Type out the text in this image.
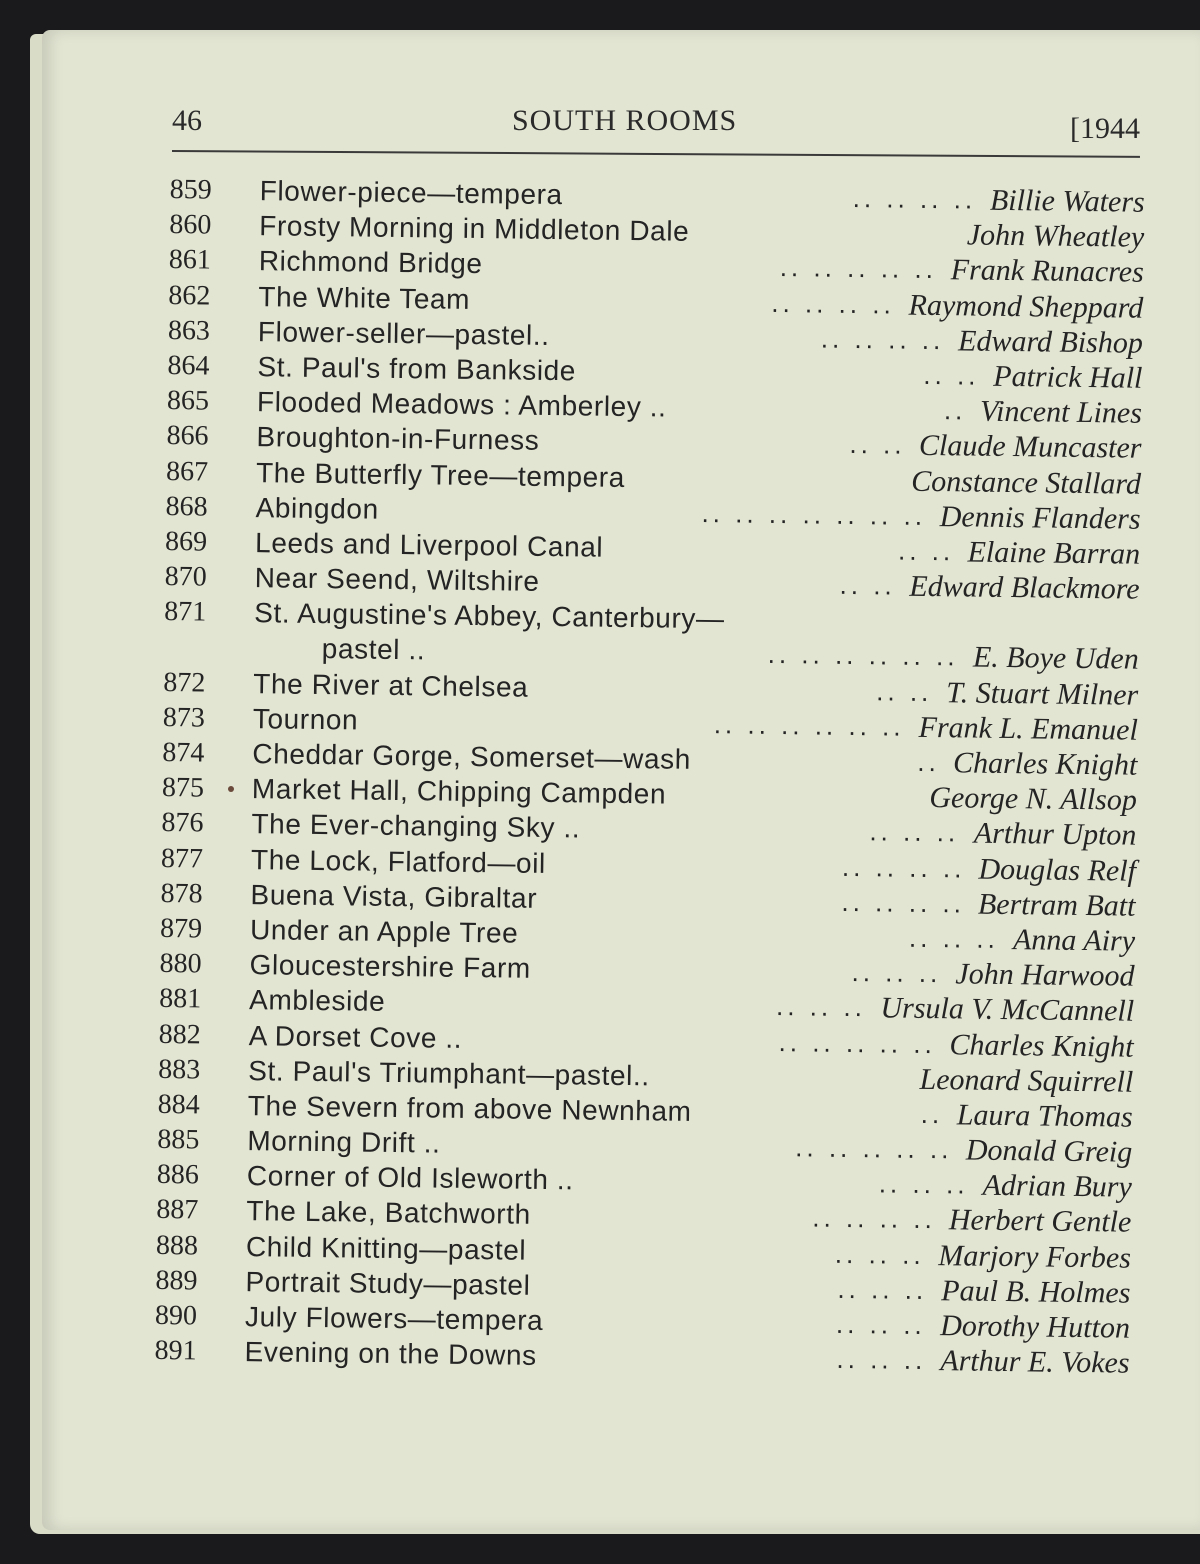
46	SOUTH ROOMS	[1944
859	Flower-piece—tempera	Billie Waters
.. .. .. ..
860	Frosty Morning in Middleton Dale	John Wheatley
861	Richmond Bridge	Frank Runacres
.. .. .. .. ..
862	The White Team	Raymond Sheppard
.. .. .. ..
863	Flower-seller—pastel..	Edward Bishop
.. .. .. ..
864	St. Paul's from Bankside	Patrick Hall
.. ..
865	Flooded Meadows : Amberley ..	Vincent Lines
..
866	Broughton-in-Furness	Claude Muncaster
.. ..
867	The Butterfly Tree—tempera	Constance Stallard
868	Abingdon	Dennis Flanders
.. .. .. .. .. .. ..
869	Leeds and Liverpool Canal	Elaine Barran
.. ..
870	Near Seend, Wiltshire	Edward Blackmore
.. ..
871	St. Augustine's Abbey, Canterbury—
pastel ..	E. Boye Uden
.. .. .. .. .. ..
872	The River at Chelsea	T. Stuart Milner
.. ..
873	Tournon	Frank L. Emanuel
.. .. .. .. .. ..
874	Cheddar Gorge, Somerset—wash	Charles Knight
..
875	Market Hall, Chipping Campden	George N. Allsop
876	The Ever-changing Sky ..	Arthur Upton
.. .. ..
877	The Lock, Flatford—oil	Douglas Relf
.. .. .. ..
878	Buena Vista, Gibraltar	Bertram Batt
.. .. .. ..
879	Under an Apple Tree	Anna Airy
.. .. ..
880	Gloucestershire Farm	John Harwood
.. .. ..
881	Ambleside	Ursula V. McCannell
.. .. ..
882	A Dorset Cove ..	Charles Knight
.. .. .. .. ..
883	St. Paul's Triumphant—pastel..	Leonard Squirrell
884	The Severn from above Newnham	Laura Thomas
..
885	Morning Drift ..	Donald Greig
.. .. .. .. ..
886	Corner of Old Isleworth ..	Adrian Bury
.. .. ..
887	The Lake, Batchworth	Herbert Gentle
.. .. .. ..
888	Child Knitting—pastel	Marjory Forbes
.. .. ..
889	Portrait Study—pastel	Paul B. Holmes
.. .. ..
890	July Flowers—tempera	Dorothy Hutton
.. .. ..
891	Evening on the Downs	Arthur E. Vokes
.. .. ..
